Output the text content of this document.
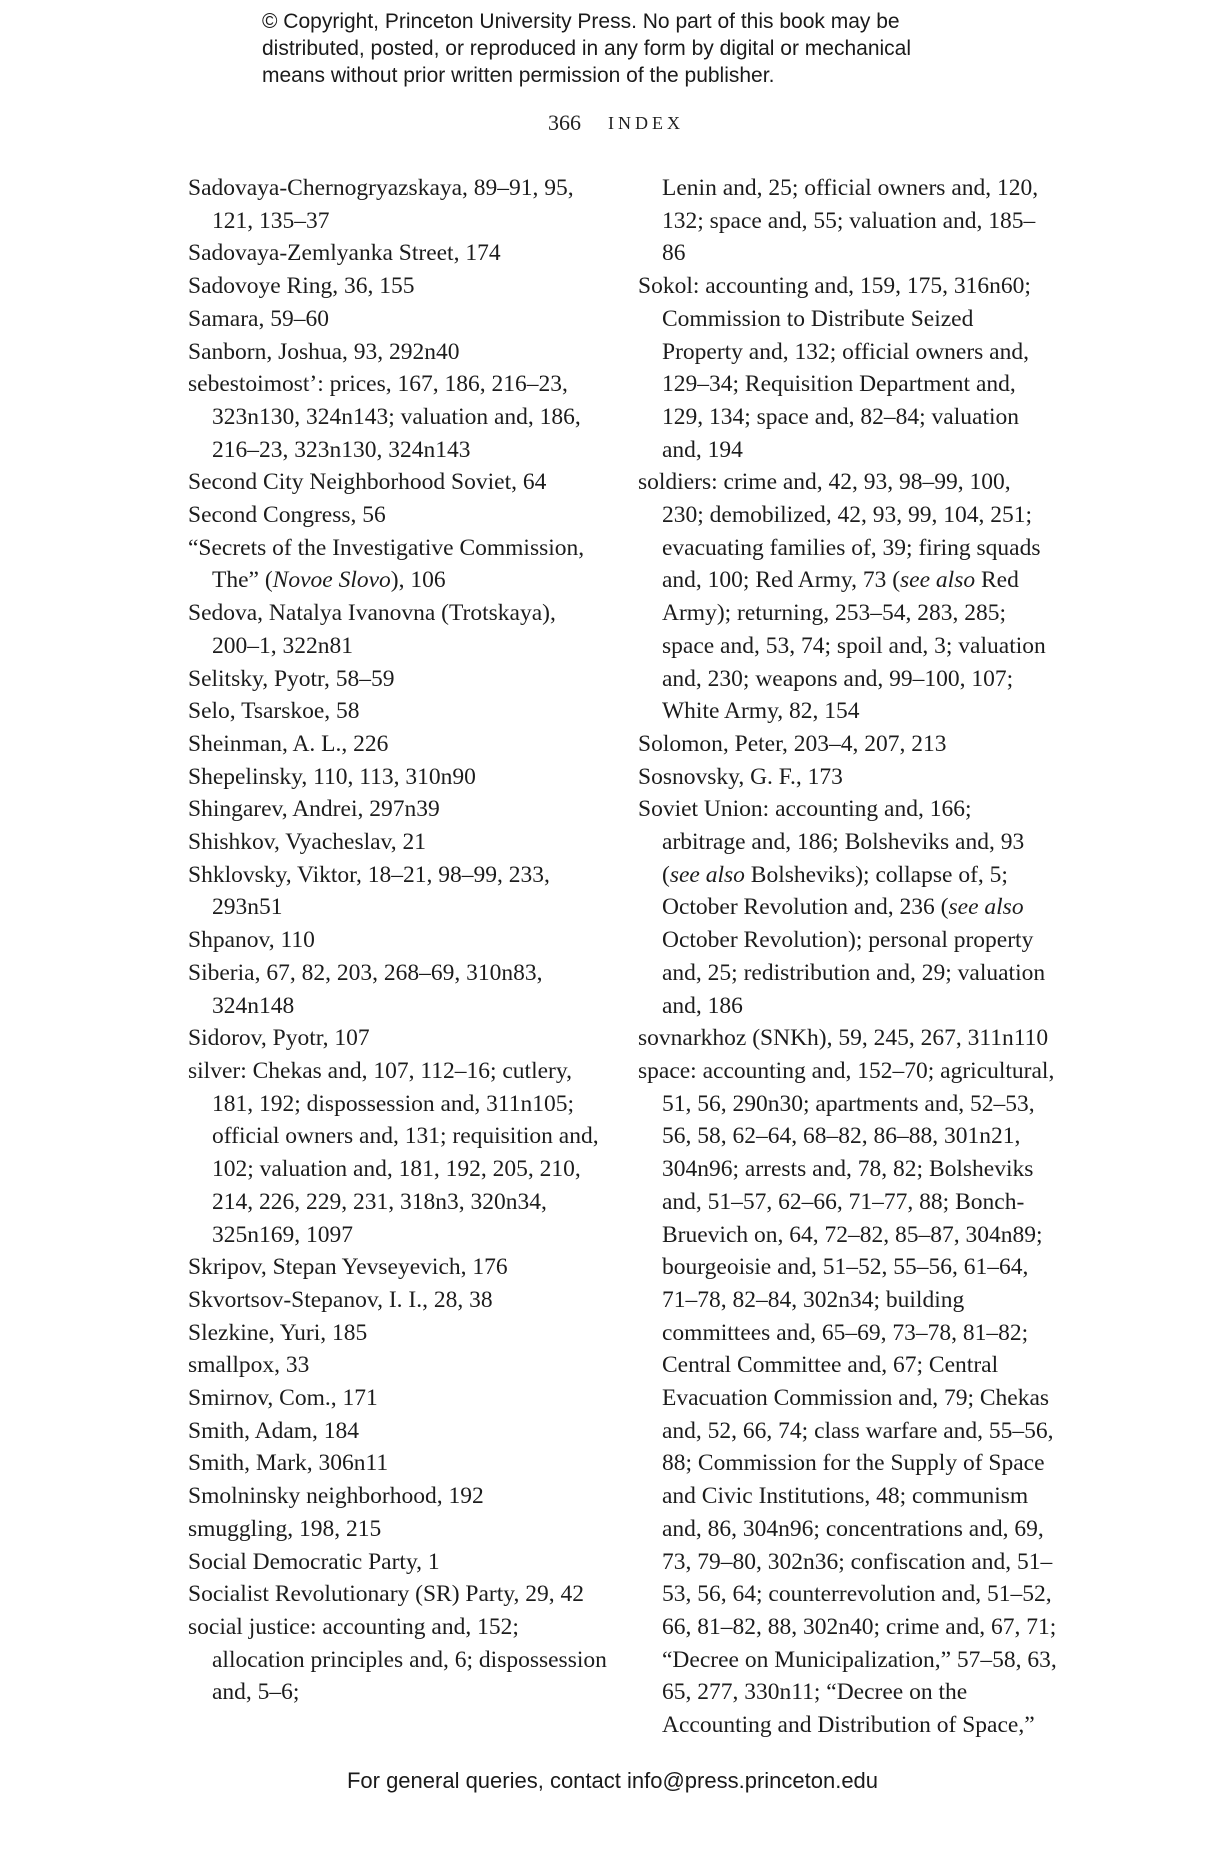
© Copyright, Princeton University Press. No part of this book may be
distributed, posted, or reproduced in any form by digital or mechanical
means without prior written permission of the publisher.
366 INDEX

Sadovaya-Chernogryazskaya, 89–91, 95, 121, 135–37

Sadovaya-Zemlyanka Street, 174

Sadovoye Ring, 36, 155

Samara, 59–60

Sanborn, Joshua, 93, 292n40

sebestoimost’: prices, 167, 186, 216–23, 323n130, 324n143; valuation and, 186, 216–23, 323n130, 324n143

Second City Neighborhood Soviet, 64

Second Congress, 56

“Secrets of the Investigative Commission, The” (Novoe Slovo), 106

Sedova, Natalya Ivanovna (Trotskaya), 200–1, 322n81

Selitsky, Pyotr, 58–59

Selo, Tsarskoe, 58

Sheinman, A. L., 226

Shepelinsky, 110, 113, 310n90

Shingarev, Andrei, 297n39

Shishkov, Vyacheslav, 21

Shklovsky, Viktor, 18–21, 98–99, 233, 293n51

Shpanov, 110

Siberia, 67, 82, 203, 268–69, 310n83, 324n148

Sidorov, Pyotr, 107

silver: Chekas and, 107, 112–16; cutlery, 181, 192; dispossession and, 311n105; official owners and, 131; requisition and, 102; valuation and, 181, 192, 205, 210, 214, 226, 229, 231, 318n3, 320n34, 325n169, 1097

Skripov, Stepan Yevseyevich, 176

Skvortsov-Stepanov, I. I., 28, 38

Slezkine, Yuri, 185

smallpox, 33

Smirnov, Com., 171

Smith, Adam, 184

Smith, Mark, 306n11

Smolninsky neighborhood, 192

smuggling, 198, 215

Social Democratic Party, 1

Socialist Revolutionary (SR) Party, 29, 42

social justice: accounting and, 152; allocation principles and, 6; dispossession and, 5–6;

Lenin and, 25; official owners and, 120, 132; space and, 55; valuation and, 185–86

Sokol: accounting and, 159, 175, 316n60; Commission to Distribute Seized Property and, 132; official owners and, 129–34; Requisition Department and, 129, 134; space and, 82–84; valuation and, 194

soldiers: crime and, 42, 93, 98–99, 100, 230; demobilized, 42, 93, 99, 104, 251; evacuating families of, 39; firing squads and, 100; Red Army, 73 (see also Red Army); returning, 253–54, 283, 285; space and, 53, 74; spoil and, 3; valuation and, 230; weapons and, 99–100, 107; White Army, 82, 154

Solomon, Peter, 203–4, 207, 213

Sosnovsky, G. F., 173

Soviet Union: accounting and, 166; arbitrage and, 186; Bolsheviks and, 93 (see also Bolsheviks); collapse of, 5; October Revolution and, 236 (see also October Revolution); personal property and, 25; redistribution and, 29; valuation and, 186

sovnarkhoz (SNKh), 59, 245, 267, 311n110

space: accounting and, 152–70; agricultural, 51, 56, 290n30; apartments and, 52–53, 56, 58, 62–64, 68–82, 86–88, 301n21, 304n96; arrests and, 78, 82; Bolsheviks and, 51–57, 62–66, 71–77, 88; Bonch-Bruevich on, 64, 72–82, 85–87, 304n89; bourgeoisie and, 51–52, 55–56, 61–64, 71–78, 82–84, 302n34; building committees and, 65–69, 73–78, 81–82; Central Committee and, 67; Central Evacuation Commission and, 79; Chekas and, 52, 66, 74; class warfare and, 55–56, 88; Commission for the Supply of Space and Civic Institutions, 48; communism and, 86, 304n96; concentrations and, 69, 73, 79–80, 302n36; confiscation and, 51–53, 56, 64; counterrevolution and, 51–52, 66, 81–82, 88, 302n40; crime and, 67, 71; “Decree on Municipalization,” 57–58, 63, 65, 277, 330n11; “Decree on the Accounting and Distribution of Space,”

For general queries, contact info@press.princeton.edu
